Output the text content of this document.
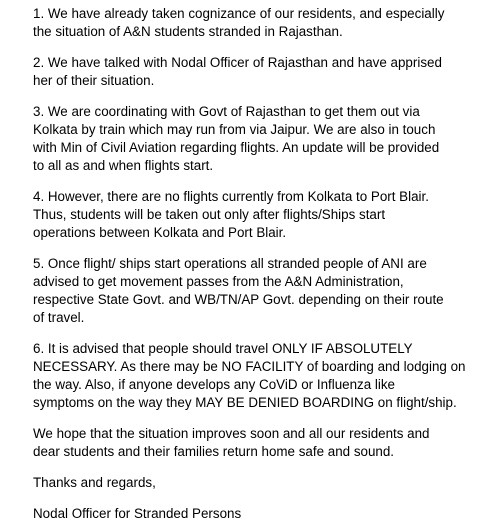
1. We have already taken cognizance of our residents, and especially
the situation of A&N students stranded in Rajasthan.

2. We have talked with Nodal Officer of Rajasthan and have apprised
her of their situation.

3. We are coordinating with Govt of Rajasthan to get them out via
Kolkata by train which may run from via Jaipur. We are also in touch
with Min of Civil Aviation regarding flights. An update will be provided
to all as and when flights start.

4. However, there are no flights currently from Kolkata to Port Blair.
Thus, students will be taken out only after flights/Ships start
operations between Kolkata and Port Blair.

5. Once flight/ ships start operations all stranded people of ANI are
advised to get movement passes from the A&N Administration,
respective State Govt. and WB/TN/AP Govt. depending on their route
of travel.

6. It is advised that people should travel ONLY IF ABSOLUTELY
NECESSARY. As there may be NO FACILITY of boarding and lodging on
the way. Also, if anyone develops any CoViD or Influenza like
symptoms on the way they MAY BE DENIED BOARDING on flight/ship.

We hope that the situation improves soon and all our residents and
dear students and their families return home safe and sound.

Thanks and regards,

Nodal Officer for Stranded Persons
